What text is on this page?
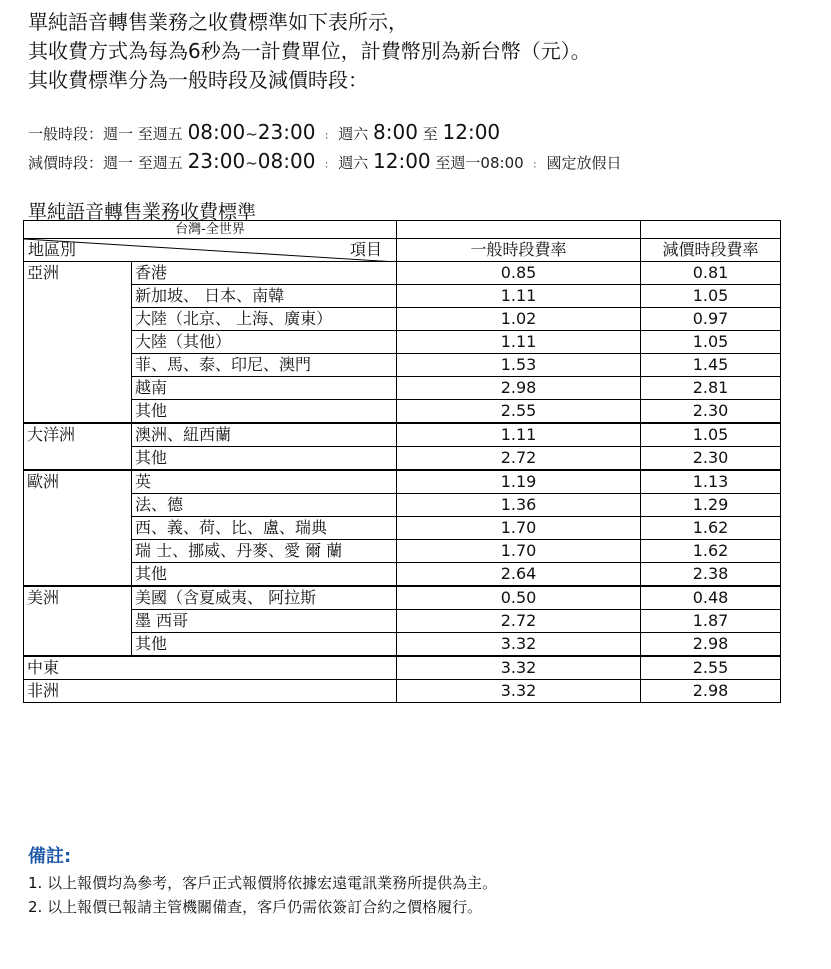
單純語音轉售業務之收費標準如下表所示，
其收費方式為每為6秒為一計費單位，計費幣別為新台幣（元）。
其收費標準分為一般時段及減價時段：
一般時段：週一 至週五 08:00~23:00 ： 週六 8:00 至 12:00
減價時段：週一 至週五 23:00~08:00 ： 週六 12:00 至週一08:00 ： 國定放假日
單純語音轉售業務收費標準
台灣-全世界			

地區別 項目		一般時段費率	減價時段費率
亞洲	香港	0.85	0.81
	新加坡、 日本、南韓	1.11	1.05
	大陸（北京、 上海、廣東）	1.02	0.97
	大陸（其他）	1.11	1.05
	菲、馬、泰、印尼、澳門	1.53	1.45
	越南	2.98	2.81
	其他	2.55	2.30
大洋洲	澳洲、紐西蘭	1.11	1.05
	其他	2.72	2.30
歐洲	英	1.19	1.13
	法、德	1.36	1.29
	西、義、荷、比、盧、瑞典	1.70	1.62
	瑞 士、挪威、丹麥、愛 爾 蘭	1.70	1.62
	其他	2.64	2.38
美洲	美國（含夏威夷、 阿拉斯	0.50	0.48
	墨 西哥	2.72	1.87
	其他	3.32	2.98
中東		3.32	2.55
非洲		3.32	2.98
備註:
1. 以上報價均為參考，客戶正式報價將依據宏遠電訊業務所提供為主。
2. 以上報價已報請主管機關備查，客戶仍需依簽訂合約之價格履行。
